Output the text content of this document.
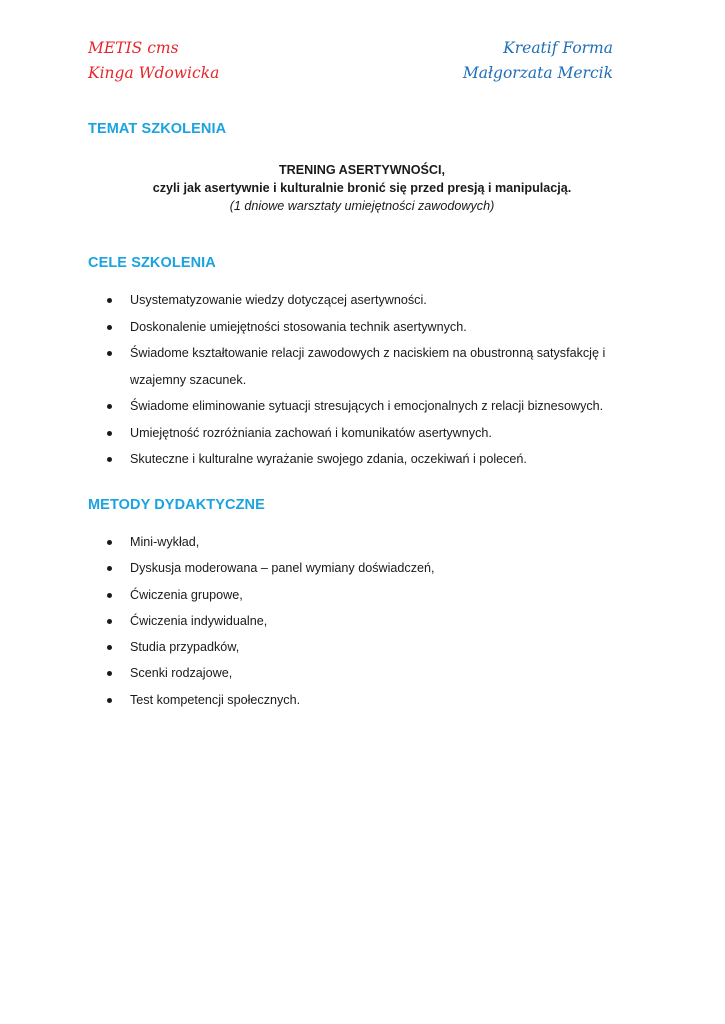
METIS cms
Kinga Wdowicka
Kreatif Forma
Małgorzata Mercik
TEMAT SZKOLENIA
TRENING ASERTYWNOŚCI,
czyli jak asertywnie i kulturalnie bronić się przed presją i manipulacją.
(1 dniowe warsztaty umiejętności zawodowych)
CELE SZKOLENIA
Usystematyzowanie wiedzy dotyczącej asertywności.
Doskonalenie umiejętności stosowania technik asertywnych.
Świadome kształtowanie relacji zawodowych z naciskiem na obustronną satysfakcję i wzajemny szacunek.
Świadome eliminowanie sytuacji stresujących i emocjonalnych z relacji biznesowych.
Umiejętność rozróżniania zachowań i komunikatów asertywnych.
Skuteczne i kulturalne wyrażanie swojego zdania, oczekiwań i poleceń.
METODY DYDAKTYCZNE
Mini-wykład,
Dyskusja moderowana – panel wymiany doświadczeń,
Ćwiczenia grupowe,
Ćwiczenia indywidualne,
Studia przypadków,
Scenki rodzajowe,
Test kompetencji społecznych.
